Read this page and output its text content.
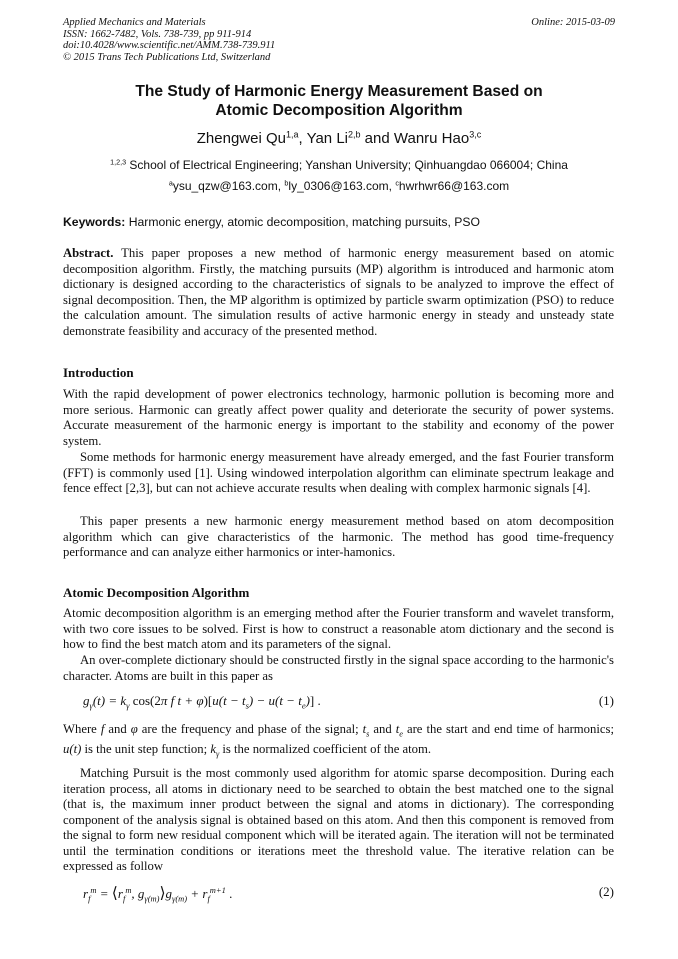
Applied Mechanics and Materials
ISSN: 1662-7482, Vols. 738-739, pp 911-914
doi:10.4028/www.scientific.net/AMM.738-739.911
© 2015 Trans Tech Publications Ltd, Switzerland
Online: 2015-03-09
The Study of Harmonic Energy Measurement Based on
Atomic Decomposition Algorithm
Zhengwei Qu$^{1,a}$, Yan Li$^{2,b}$ and Wanru Hao$^{3,c}$
$^{1,2,3}$ School of Electrical Engineering; Yanshan University; Qinhuangdao 066004; China
$^a$ysu_qzw@163.com, $^b$ly_0306@163.com, $^c$hwrhwr66@163.com
Keywords: Harmonic energy, atomic decomposition, matching pursuits, PSO

Abstract. This paper proposes a new method of harmonic energy measurement based on atomic decomposition algorithm. Firstly, the matching pursuits (MP) algorithm is introduced and harmonic atom dictionary is designed according to the characteristics of signals to be analyzed to improve the effect of signal decomposition. Then, the MP algorithm is optimized by particle swarm optimization (PSO) to reduce the calculation amount. The simulation results of active harmonic energy in steady and unsteady state demonstrate feasibility and accuracy of the presented method.

Introduction

With the rapid development of power electronics technology, harmonic pollution is becoming more and more serious. Harmonic can greatly affect power quality and deteriorate the security of power systems. Accurate measurement of the harmonic energy is important to the stability and economy of the power system.

Some methods for harmonic energy measurement have already emerged, and the fast Fourier transform (FFT) is commonly used [1]. Using windowed interpolation algorithm can eliminate spectrum leakage and fence effect [2,3], but can not achieve accurate results when dealing with complex harmonic signals [4].

This paper presents a new harmonic energy measurement method based on atom decomposition algorithm which can give characteristics of the harmonic. The method has good time-frequency performance and can analyze either harmonics or inter-hamonics.

Atomic Decomposition Algorithm

Atomic decomposition algorithm is an emerging method after the Fourier transform and wavelet transform, with two core issues to be solved. First is how to construct a reasonable atom dictionary and the second is how to find the best match atom and its parameters of the signal.

An over-complete dictionary should be constructed firstly in the signal space according to the harmonic's character. Atoms are built in this paper as

$g_\gamma(t) = k_\gamma$ cos(2π f $t + \varphi)[u(t - t_s) - u(t - t_e)]$ .	(1)

Where f and φ are the frequency and phase of the signal; $t_s$ and $t_e$ are the start and end time of harmonics; u(t) is the unit step function; $k_\gamma$ is the normalized coefficient of the atom.

Matching Pursuit is the most commonly used algorithm for atomic sparse decomposition. During each iteration process, all atoms in dictionary need to be searched to obtain the best matched one to the signal (that is, the maximum inner product between the signal and atoms in dictionary). The corresponding component of the analysis signal is obtained based on this atom. And then this component is removed from the signal to form new residual component which will be iterated again. The iteration will not be terminated until the termination conditions or iterations meet the threshold value. The iterative relation can be expressed as follow

$r_f^m$ = $⟨r_f^m$, $g_{\gamma(m)}⟩g_{\gamma(m)} + r_f^{m+1}$ .	(2)
